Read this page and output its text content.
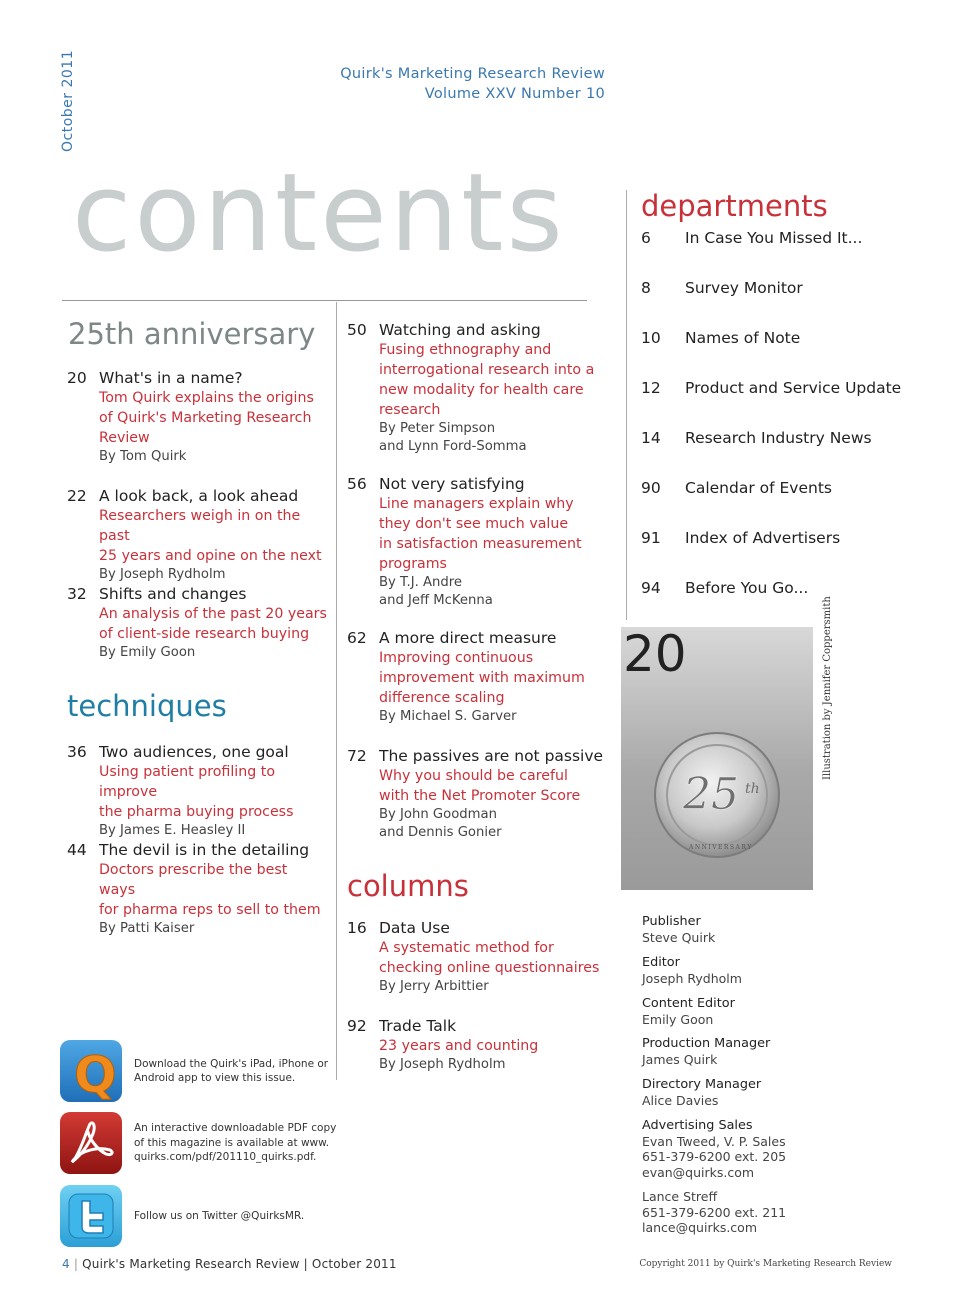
October 2011	Quirk's Marketing Research Review
Volume XXV Number 10
contents
25th anniversary
20 What's in a name?
Tom Quirk explains the origins
of Quirk's Marketing Research
Review
By Tom Quirk
22 A look back, a look ahead
Researchers weigh in on the past
25 years and opine on the next
By Joseph Rydholm
32 Shifts and changes
An analysis of the past 20 years
of client-side research buying
By Emily Goon
techniques
36 Two audiences, one goal
Using patient profiling to improve
the pharma buying process
By James E. Heasley II
44 The devil is in the detailing
Doctors prescribe the best ways
for pharma reps to sell to them
By Patti Kaiser
50 Watching and asking
Fusing ethnography and
interrogational research into a
new modality for health care
research
By Peter Simpson
and Lynn Ford-Somma
56 Not very satisfying
Line managers explain why
they don't see much value
in satisfaction measurement
programs
By T.J. Andre
and Jeff McKenna
62 A more direct measure
Improving continuous
improvement with maximum
difference scaling
By Michael S. Garver
72 The passives are not passive
Why you should be careful
with the Net Promoter Score
By John Goodman
and Dennis Gonier
columns
16 Data Use
A systematic method for
checking online questionnaires
By Jerry Arbittier
92 Trade Talk
23 years and counting
By Joseph Rydholm
departments
6	In Case You Missed It...
8	Survey Monitor
10	Names of Note
12	Product and Service Update
14	Research Industry News
90	Calendar of Events
91	Index of Advertisers
94	Before You Go...
20
25 th
ANNIVERSARY
Illustration by Jennifer Coppersmith
Publisher
Steve Quirk
Editor
Joseph Rydholm
Content Editor
Emily Goon
Production Manager
James Quirk
Directory Manager
Alice Davies
Advertising Sales
Evan Tweed, V. P. Sales
651-379-6200 ext. 205
evan@quirks.com
Lance Streff
651-379-6200 ext. 211
lance@quirks.com
Q Download the Quirk's iPad, iPhone or
Android app to view this issue.
An interactive downloadable PDF copy
of this magazine is available at www.
quirks.com/pdf/201110_quirks.pdf.
Follow us on Twitter @QuirksMR.
4 | Quirk's Marketing Research Review | October 2011	Copyright 2011 by Quirk's Marketing Research Review
